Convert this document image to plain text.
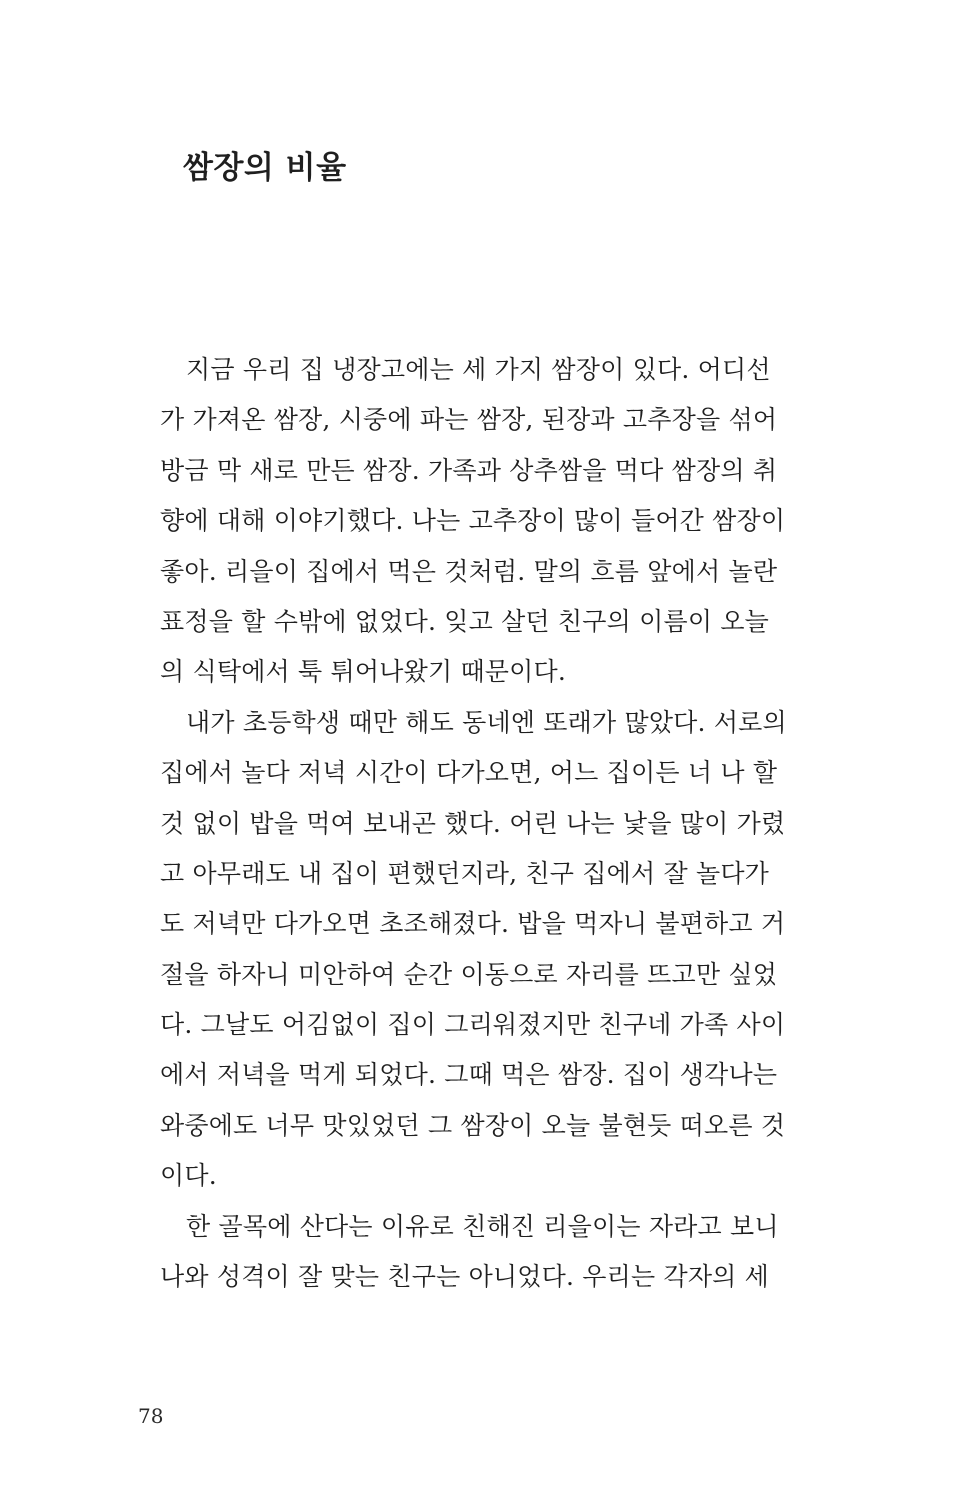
쌈장의 비율
지금 우리 집 냉장고에는 세 가지 쌈장이 있다. 어디선
가 가져온 쌈장, 시중에 파는 쌈장, 된장과 고추장을 섞어
방금 막 새로 만든 쌈장. 가족과 상추쌈을 먹다 쌈장의 취
향에 대해 이야기했다. 나는 고추장이 많이 들어간 쌈장이
좋아. 리을이 집에서 먹은 것처럼. 말의 흐름 앞에서 놀란
표정을 할 수밖에 없었다. 잊고 살던 친구의 이름이 오늘
의 식탁에서 툭 튀어나왔기 때문이다.
내가 초등학생 때만 해도 동네엔 또래가 많았다. 서로의
집에서 놀다 저녁 시간이 다가오면, 어느 집이든 너 나 할
것 없이 밥을 먹여 보내곤 했다. 어린 나는 낯을 많이 가렸
고 아무래도 내 집이 편했던지라, 친구 집에서 잘 놀다가
도 저녁만 다가오면 초조해졌다. 밥을 먹자니 불편하고 거
절을 하자니 미안하여 순간 이동으로 자리를 뜨고만 싶었
다. 그날도 어김없이 집이 그리워졌지만 친구네 가족 사이
에서 저녁을 먹게 되었다. 그때 먹은 쌈장. 집이 생각나는
와중에도 너무 맛있었던 그 쌈장이 오늘 불현듯 떠오른 것
이다.
한 골목에 산다는 이유로 친해진 리을이는 자라고 보니
나와 성격이 잘 맞는 친구는 아니었다. 우리는 각자의 세
78
